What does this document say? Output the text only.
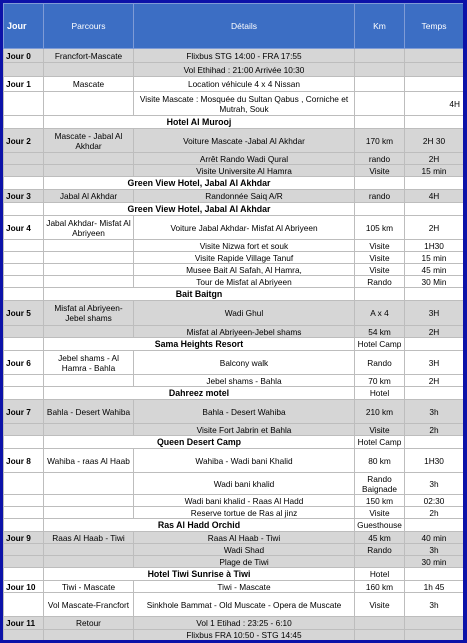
Jour	Parcours	Détails	Km	Temps
Jour 0	Francfort-Mascate	Flixbus STG 14:00 - FRA 17:55		
		Vol Ethihad : 21:00 Arrivée 10:30		
Jour 1	Mascate	Location véhicule 4 x 4 Nissan		
		Visite Mascate : Mosquée du Sultan Qabus , Corniche et Mutrah, Souk		4H
	Hotel Al Murooj			
Jour 2	Mascate - Jabal Al Akhdar	Voiture Mascate -Jabal Al Akhdar	170 km	2H 30
		Arrêt Rando Wadi Qural	rando	2H
		Visite Universite Al Hamra	Visite	15 min
	Green View Hotel, Jabal Al Akhdar			
Jour 3	Jabal Al Akhdar	Randonnée Saiq A/R	rando	4H
	Green View Hotel, Jabal Al Akhdar			
Jour 4	Jabal Akhdar- Misfat Al Abriyeen	Voiture Jabal Akhdar- Misfat Al Abriyeen	105 km	2H
		Visite Nizwa fort et souk	Visite	1H30
		Visite Rapide Village Tanuf	Visite	15 min
		Musee Bait Al Safah, Al Hamra,	Visite	45 min
		Tour de Misfat al Abriyeen	Rando	30 Min
	Bait Baitgn			
Jour 5	Misfat al Abriyeen-Jebel shams	Wadi Ghul	A x 4	3H
		Misfat al Abriyeen-Jebel shams	54 km	2H
	Sama Heights Resort		Hotel Camp	
Jour 6	Jebel shams - Al Hamra - Bahla	Balcony walk	Rando	3H
		Jebel shams - Bahla	70 km	2H
	Dahreez motel		Hotel	
Jour 7	Bahla - Desert Wahiba	Bahla - Desert Wahiba	210 km	3h
		Visite Fort Jabrin et Bahla	Visite	2h
	Queen Desert Camp		Hotel Camp	
Jour 8	Wahiba - raas Al Haab	Wahiba - Wadi bani Khalid	80 km	1H30
		Wadi bani khalid	Rando Baignade	3h
		Wadi bani khalid - Raas Al Hadd	150 km	02:30
		Reserve tortue de Ras al jinz	Visite	2h
	Ras Al Hadd Orchid		Guesthouse	
Jour 9	Raas Al Haab - Tiwi	Raas Al Haab - Tiwi	45 km	40 min
		Wadi Shad	Rando	3h
		Plage de Tiwi		30 min
	Hotel Tiwi Sunrise à Tiwi		Hotel	
Jour 10	Tiwi - Mascate	Tiwi - Mascate	160 km	1h 45
	Vol Mascate-Francfort	Sinkhole Bammat - Old Muscate - Opera de Muscate	Visite	3h
Jour 11	Retour	Vol 1 Etihad : 23:25 - 6:10		
		Flixbus FRA 10:50 - STG 14:45		
